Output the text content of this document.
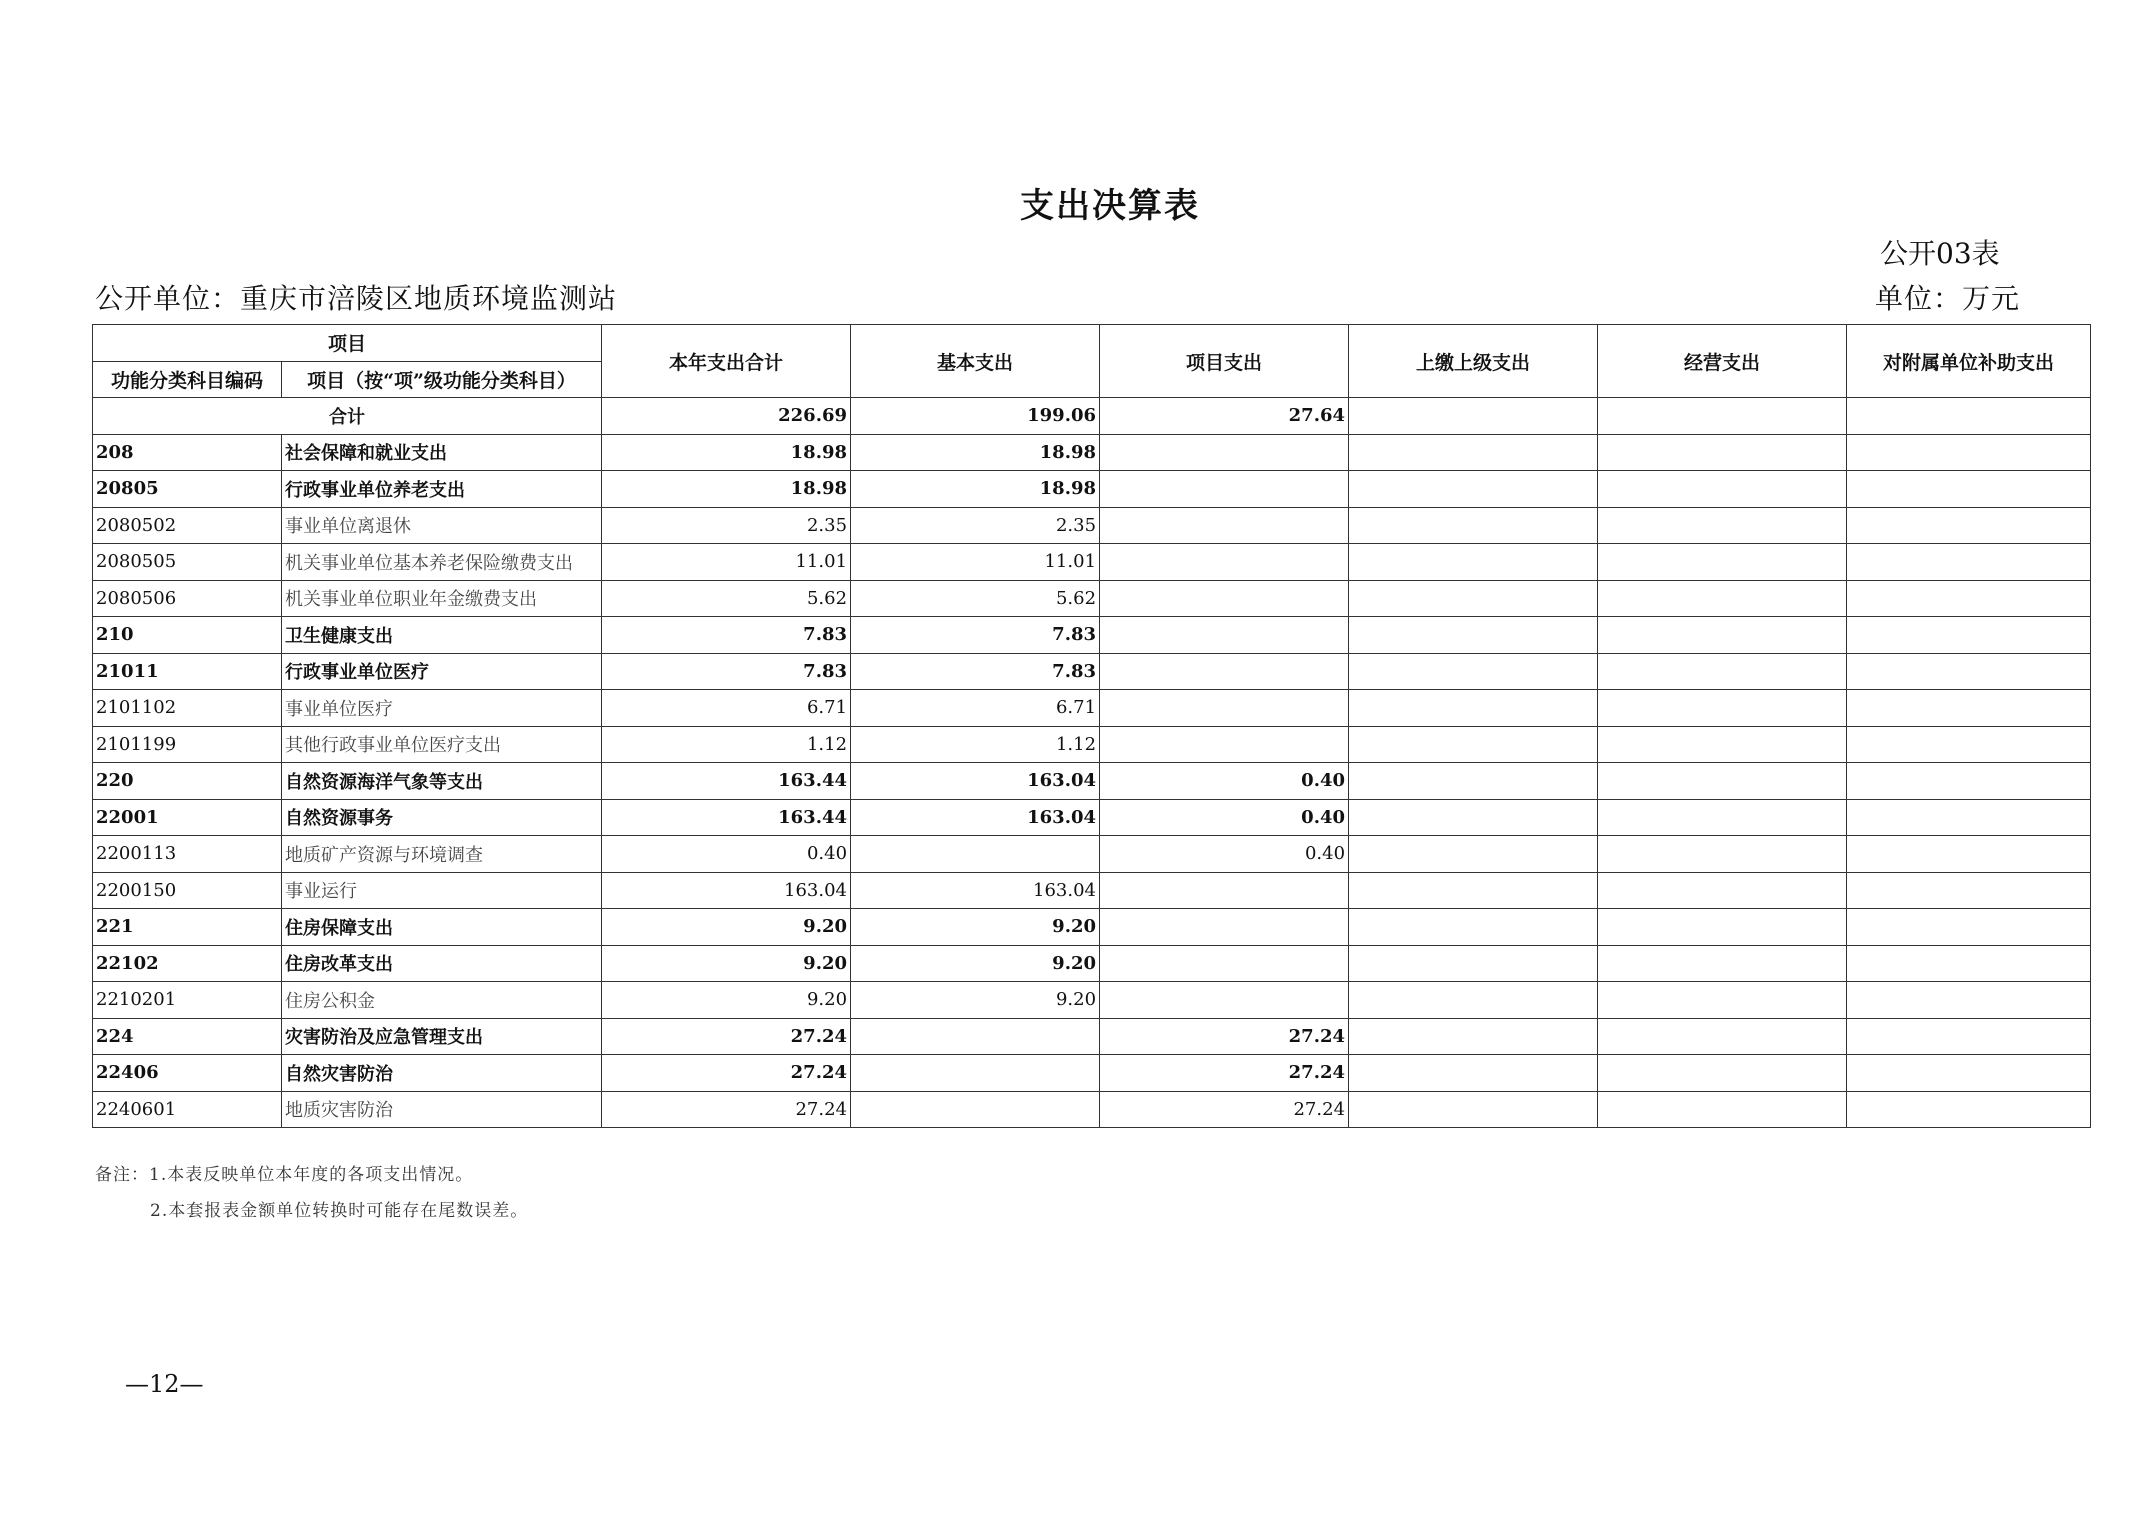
支出决算表
公开03表
公开单位：重庆市涪陵区地质环境监测站	单位：万元
项目		本年支出合计	基本支出	项目支出	上缴上级支出	经营支出	对附属单位补助支出
功能分类科目编码	项目（按“项”级功能分类科目）						
合计		226.69	199.06	27.64			
208	社会保障和就业支出	18.98	18.98				
20805	行政事业单位养老支出	18.98	18.98				
2080502	事业单位离退休	2.35	2.35				
2080505	机关事业单位基本养老保险缴费支出	11.01	11.01				
2080506	机关事业单位职业年金缴费支出	5.62	5.62				
210	卫生健康支出	7.83	7.83				
21011	行政事业单位医疗	7.83	7.83				
2101102	事业单位医疗	6.71	6.71				
2101199	其他行政事业单位医疗支出	1.12	1.12				
220	自然资源海洋气象等支出	163.44	163.04	0.40			
22001	自然资源事务	163.44	163.04	0.40			
2200113	地质矿产资源与环境调查	0.40		0.40			
2200150	事业运行	163.04	163.04				
221	住房保障支出	9.20	9.20				
22102	住房改革支出	9.20	9.20				
2210201	住房公积金	9.20	9.20				
224	灾害防治及应急管理支出	27.24		27.24			
22406	自然灾害防治	27.24		27.24			
2240601	地质灾害防治	27.24		27.24			
备注：1.本表反映单位本年度的各项支出情况。
2.本套报表金额单位转换时可能存在尾数误差。
—12—
